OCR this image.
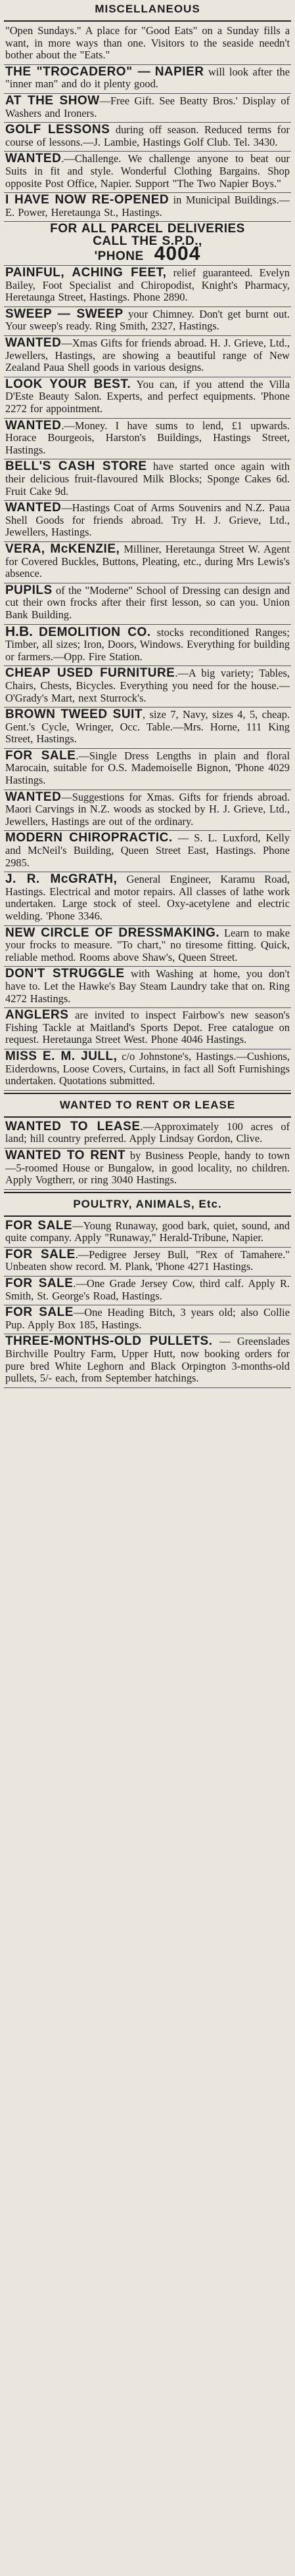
MISCELLANEOUS
"Open Sundays." A place for "Good Eats" on a Sunday fills a want, in more ways than one. Visitors to the seaside needn't bother about the "Eats."
THE "TROCADERO" — NAPIER will look after the "inner man" and do it plenty good.
AT THE SHOW—Free Gift. See Beatty Bros.' Display of Washers and Ironers.
GOLF LESSONS during off season. Reduced terms for course of lessons.—J. Lambie, Hastings Golf Club. Tel. 3430.
WANTED.—Challenge. We challenge anyone to beat our Suits in fit and style. Wonderful Clothing Bargains. Shop opposite Post Office, Napier. Support "The Two Napier Boys."
I HAVE NOW RE-OPENED in Municipal Buildings.—E. Power, Heretaunga St., Hastings.
FOR ALL PARCEL DELIVERIES
CALL THE S.P.D.,
'PHONE 4004
PAINFUL, ACHING FEET, relief guaranteed. Evelyn Bailey, Foot Specialist and Chiropodist, Knight's Pharmacy, Heretaunga Street, Hastings. Phone 2890.
SWEEP — SWEEP your Chimney. Don't get burnt out. Your sweep's ready. Ring Smith, 2327, Hastings.
WANTED—Xmas Gifts for friends abroad. H. J. Grieve, Ltd., Jewellers, Hastings, are showing a beautiful range of New Zealand Paua Shell goods in various designs.
LOOK YOUR BEST. You can, if you attend the Villa D'Este Beauty Salon. Experts, and perfect equipments. 'Phone 2272 for appointment.
WANTED.—Money. I have sums to lend, £1 upwards. Horace Bourgeois, Harston's Buildings, Hastings Street, Hastings.
BELL'S CASH STORE have started once again with their delicious fruit-flavoured Milk Blocks; Sponge Cakes 6d. Fruit Cake 9d.
WANTED—Hastings Coat of Arms Souvenirs and N.Z. Paua Shell Goods for friends abroad. Try H. J. Grieve, Ltd., Jewellers, Hastings.
VERA, McKENZIE, Milliner, Heretaunga Street W. Agent for Covered Buckles, Buttons, Pleating, etc., during Mrs Lewis's absence.
PUPILS of the "Moderne" School of Dressing can design and cut their own frocks after their first lesson, so can you. Union Bank Building.
H.B. DEMOLITION CO. stocks reconditioned Ranges; Timber, all sizes; Iron, Doors, Windows. Everything for building or farmers.—Opp. Fire Station.
CHEAP USED FURNITURE.—A big variety; Tables, Chairs, Chests, Bicycles. Everything you need for the house.—O'Grady's Mart, next Sturrock's.
BROWN TWEED SUIT, size 7, Navy, sizes 4, 5, cheap. Gent.'s Cycle, Wringer, Occ. Table.—Mrs. Horne, 111 King Street, Hastings.
FOR SALE.—Single Dress Lengths in plain and floral Marocain, suitable for O.S. Mademoiselle Bignon, 'Phone 4029 Hastings.
WANTED—Suggestions for Xmas. Gifts for friends abroad. Maori Carvings in N.Z. woods as stocked by H. J. Grieve, Ltd., Jewellers, Hastings are out of the ordinary.
MODERN CHIROPRACTIC. — S. L. Luxford, Kelly and McNeil's Building, Queen Street East, Hastings. Phone 2985.
J. R. McGRATH, General Engineer, Karamu Road, Hastings. Electrical and motor repairs. All classes of lathe work undertaken. Large stock of steel. Oxy-acetylene and electric welding. 'Phone 3346.
NEW CIRCLE OF DRESSMAKING. Learn to make your frocks to measure. "To chart," no tiresome fitting. Quick, reliable method. Rooms above Shaw's, Queen Street.
DON'T STRUGGLE with Washing at home, you don't have to. Let the Hawke's Bay Steam Laundry take that on. Ring 4272 Hastings.
ANGLERS are invited to inspect Fairbow's new season's Fishing Tackle at Maitland's Sports Depot. Free catalogue on request. Heretaunga Street West. Phone 4046 Hastings.
MISS E. M. JULL, c/o Johnstone's, Hastings.—Cushions, Eiderdowns, Loose Covers, Curtains, in fact all Soft Furnishings undertaken. Quotations submitted.
WANTED TO RENT OR LEASE
WANTED TO LEASE.—Approximately 100 acres of land; hill country preferred. Apply Lindsay Gordon, Clive.
WANTED TO RENT by Business People, handy to town—5-roomed House or Bungalow, in good locality, no children. Apply Vogtherr, or ring 3040 Hastings.
POULTRY, ANIMALS, Etc.
FOR SALE—Young Runaway, good bark, quiet, sound, and quite company. Apply "Runaway," Herald-Tribune, Napier.
FOR SALE.—Pedigree Jersey Bull, "Rex of Tamahere." Unbeaten show record. M. Plank, 'Phone 4271 Hastings.
FOR SALE.—One Grade Jersey Cow, third calf. Apply R. Smith, St. George's Road, Hastings.
FOR SALE—One Heading Bitch, 3 years old; also Collie Pup. Apply Box 185, Hastings.
THREE-MONTHS-OLD PULLETS. — Greenslades Birchville Poultry Farm, Upper Hutt, now booking orders for pure bred White Leghorn and Black Orpington 3-months-old pullets, 5/- each, from September hatchings.
